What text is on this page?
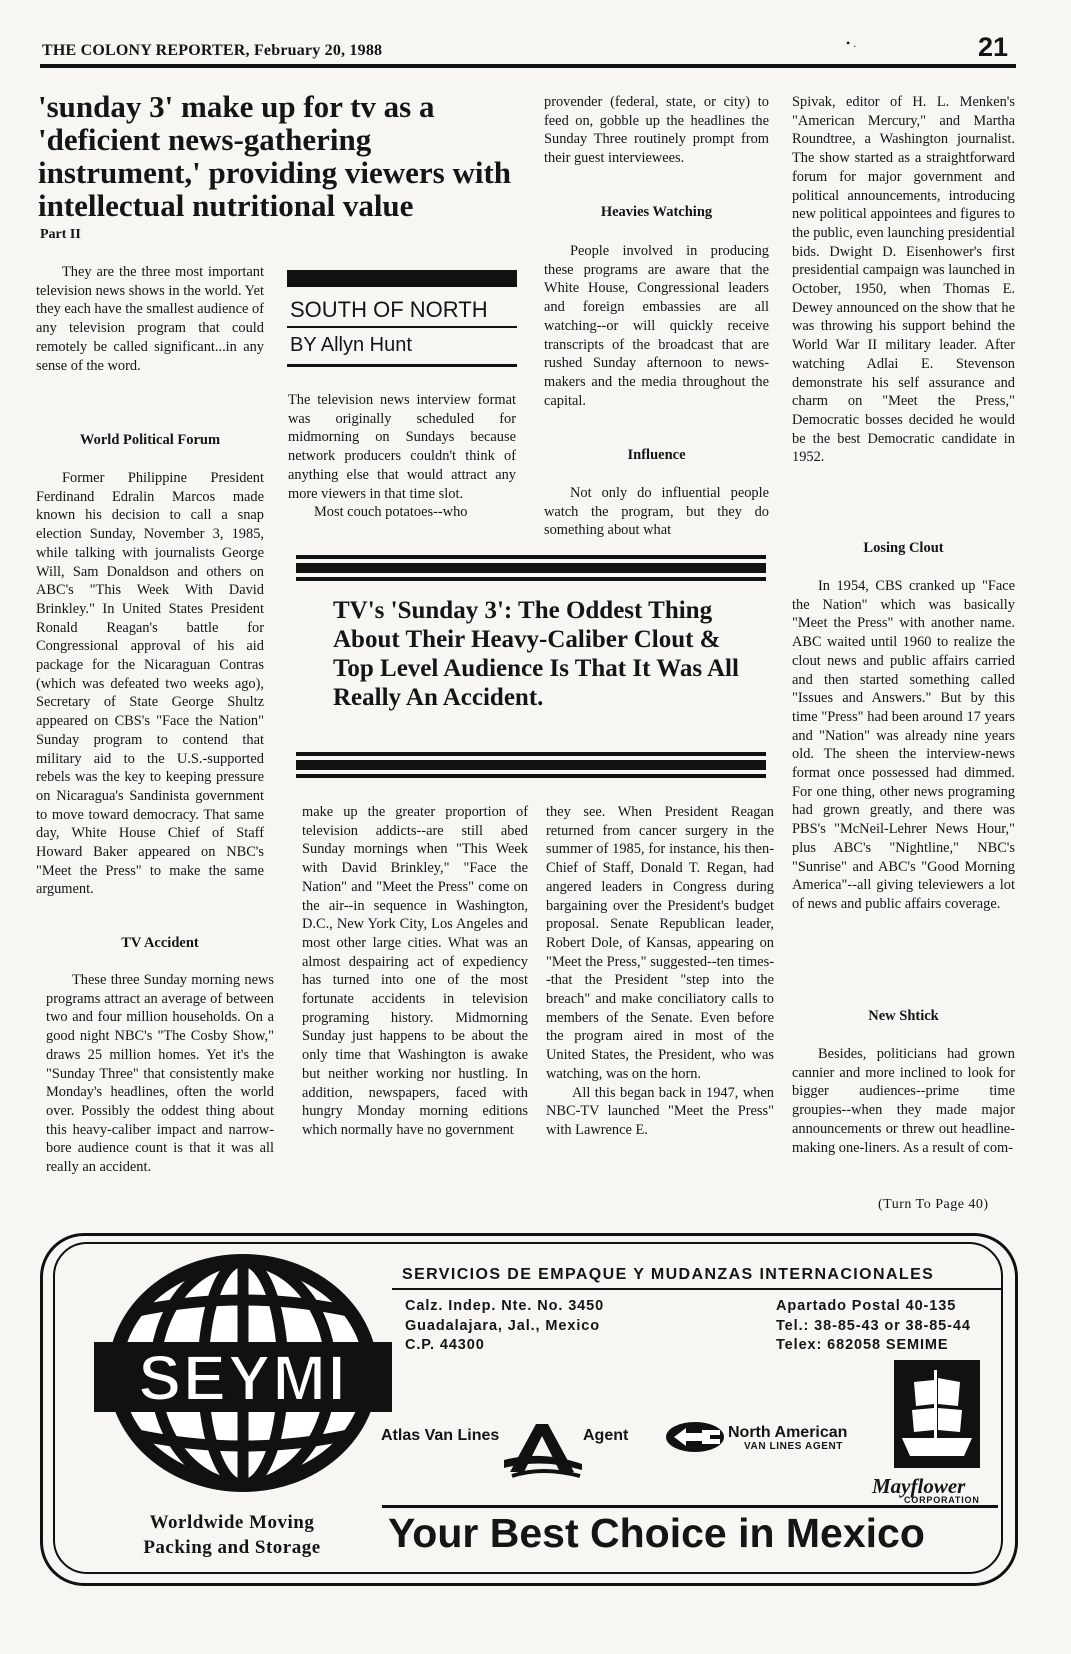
THE COLONY REPORTER, February 20, 1988	• .	21
'sunday 3' make up for tv as a 'deficient news-gathering instrument,' providing viewers with intellectual nutritional value
Part II

They are the three most important television news shows in the world. Yet they each have the smallest audience of any television program that could remotely be called significant...in any sense of the word.

World Political Forum

Former Philippine President Ferdinand Edralin Marcos made known his decision to call a snap election Sunday, November 3, 1985, while talking with journalists George Will, Sam Donaldson and others on ABC's "This Week With David Brinkley." In United States President Ronald Reagan's battle for Congressional approval of his aid package for the Nicaraguan Contras (which was defeated two weeks ago), Secretary of State George Shultz appeared on CBS's "Face the Nation" Sunday program to contend that military aid to the U.S.-supported rebels was the key to keeping pressure on Nicaragua's Sandinista government to move toward democracy. That same day, White House Chief of Staff Howard Baker appeared on NBC's "Meet the Press" to make the same argument.

TV Accident

These three Sunday morning news programs attract an average of between two and four million households. On a good night NBC's "The Cosby Show," draws 25 million homes. Yet it's the "Sunday Three" that consistently make Monday's headlines, often the world over. Possibly the oddest thing about this heavy-caliber impact and narrow-bore audience count is that it was all really an accident.

SOUTH OF NORTH
BY Allyn Hunt

The television news interview format was originally scheduled for midmorning on Sundays because network producers couldn't think of anything else that would attract any more viewers in that time slot.

Most couch potatoes--who

provender (federal, state, or city) to feed on, gobble up the headlines the Sunday Three routinely prompt from their guest interviewees.

Heavies Watching

People involved in producing these programs are aware that the White House, Congressional leaders and foreign embassies are all watching--or will quickly receive transcripts of the broadcast that are rushed Sunday afternoon to news-makers and the media throughout the capital.

Influence

Not only do influential people watch the program, but they do something about what

Spivak, editor of H. L. Menken's "American Mercury," and Martha Roundtree, a Washington journalist. The show started as a straightforward forum for major government and political announcements, introducing new political appointees and figures to the public, even launching presidential bids. Dwight D. Eisenhower's first presidential campaign was launched in October, 1950, when Thomas E. Dewey announced on the show that he was throwing his support behind the World War II military leader. After watching Adlai E. Stevenson demonstrate his self assurance and charm on "Meet the Press," Democratic bosses decided he would be the best Democratic candidate in 1952.

Losing Clout

In 1954, CBS cranked up "Face the Nation" which was basically "Meet the Press" with another name. ABC waited until 1960 to realize the clout news and public affairs carried and then started something called "Issues and Answers." But by this time "Press" had been around 17 years and "Nation" was already nine years old. The sheen the interview-news format once possessed had dimmed. For one thing, other news programing had grown greatly, and there was PBS's "McNeil-Lehrer News Hour," plus ABC's "Nightline," NBC's "Sunrise" and ABC's "Good Morning America"--all giving televiewers a lot of news and public affairs coverage.

New Shtick

Besides, politicians had grown cannier and more inclined to look for bigger audiences--prime time groupies--when they made major announcements or threw out headline-making one-liners. As a result of com-

(Turn To Page 40)
TV's 'Sunday 3': The Oddest Thing About Their Heavy-Caliber Clout & Top Level Audience Is That It Was All Really An Accident.

make up the greater proportion of television addicts--are still abed Sunday mornings when "This Week with David Brinkley," "Face the Nation" and "Meet the Press" come on the air--in sequence in Washington, D.C., New York City, Los Angeles and most other large cities. What was an almost despairing act of expediency has turned into one of the most fortunate accidents in television programing history. Midmorning Sunday just happens to be about the only time that Washington is awake but neither working nor hustling. In addition, newspapers, faced with hungry Monday morning editions which normally have no government

they see. When President Reagan returned from cancer surgery in the summer of 1985, for instance, his then-Chief of Staff, Donald T. Regan, had angered leaders in Congress during bargaining over the President's budget proposal. Senate Republican leader, Robert Dole, of Kansas, appearing on "Meet the Press," suggested--ten times--that the President "step into the breach" and make conciliatory calls to members of the Senate. Even before the program aired in most of the United States, the President, who was watching, was on the horn.

All this began back in 1947, when NBC-TV launched "Meet the Press" with Lawrence E.

SERVICIOS DE EMPAQUE Y MUDANZAS INTERNACIONALES
Calz. Indep. Nte. No. 3450
Guadalajara, Jal., Mexico
C.P. 44300
Apartado Postal 40-135
Tel.: 38-85-43 or 38-85-44
Telex: 682058 SEMIME
SEYMI
Atlas Van Lines	Agent	North American
VAN LINES AGENT
Mayflower
CORPORATION
Worldwide Moving
Packing and Storage	Your Best Choice in Mexico
